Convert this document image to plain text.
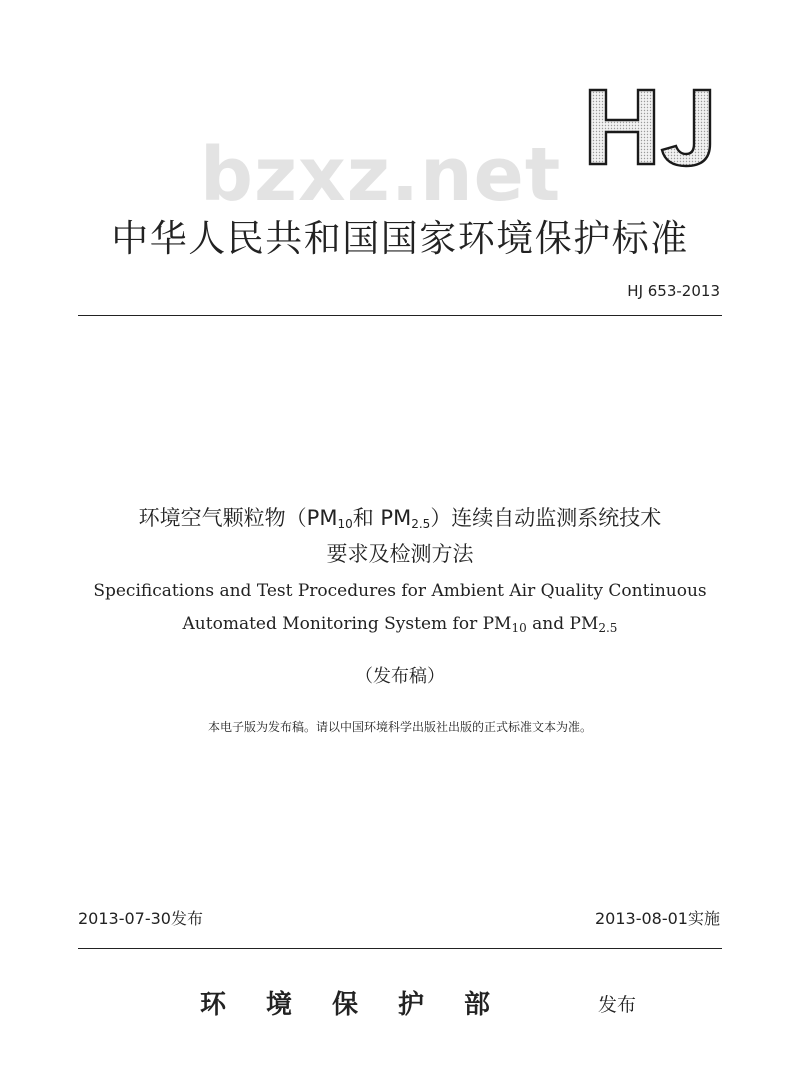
bzxz.net
中华人民共和国国家环境保护标准
HJ 653-2013
环境空气颗粒物（$PM_{10}$和 $PM_{2.5}$）连续自动监测系统技术
要求及检测方法
Specifications and Test Procedures for Ambient Air Quality Continuous
Automated Monitoring System for $PM_{10}$ and $PM_{2.5}$
（发布稿）
本电子版为发布稿。请以中国环境科学出版社出版的正式标准文本为准。
2013-07-30发布	2013-08-01实施
环境保护部	发布
